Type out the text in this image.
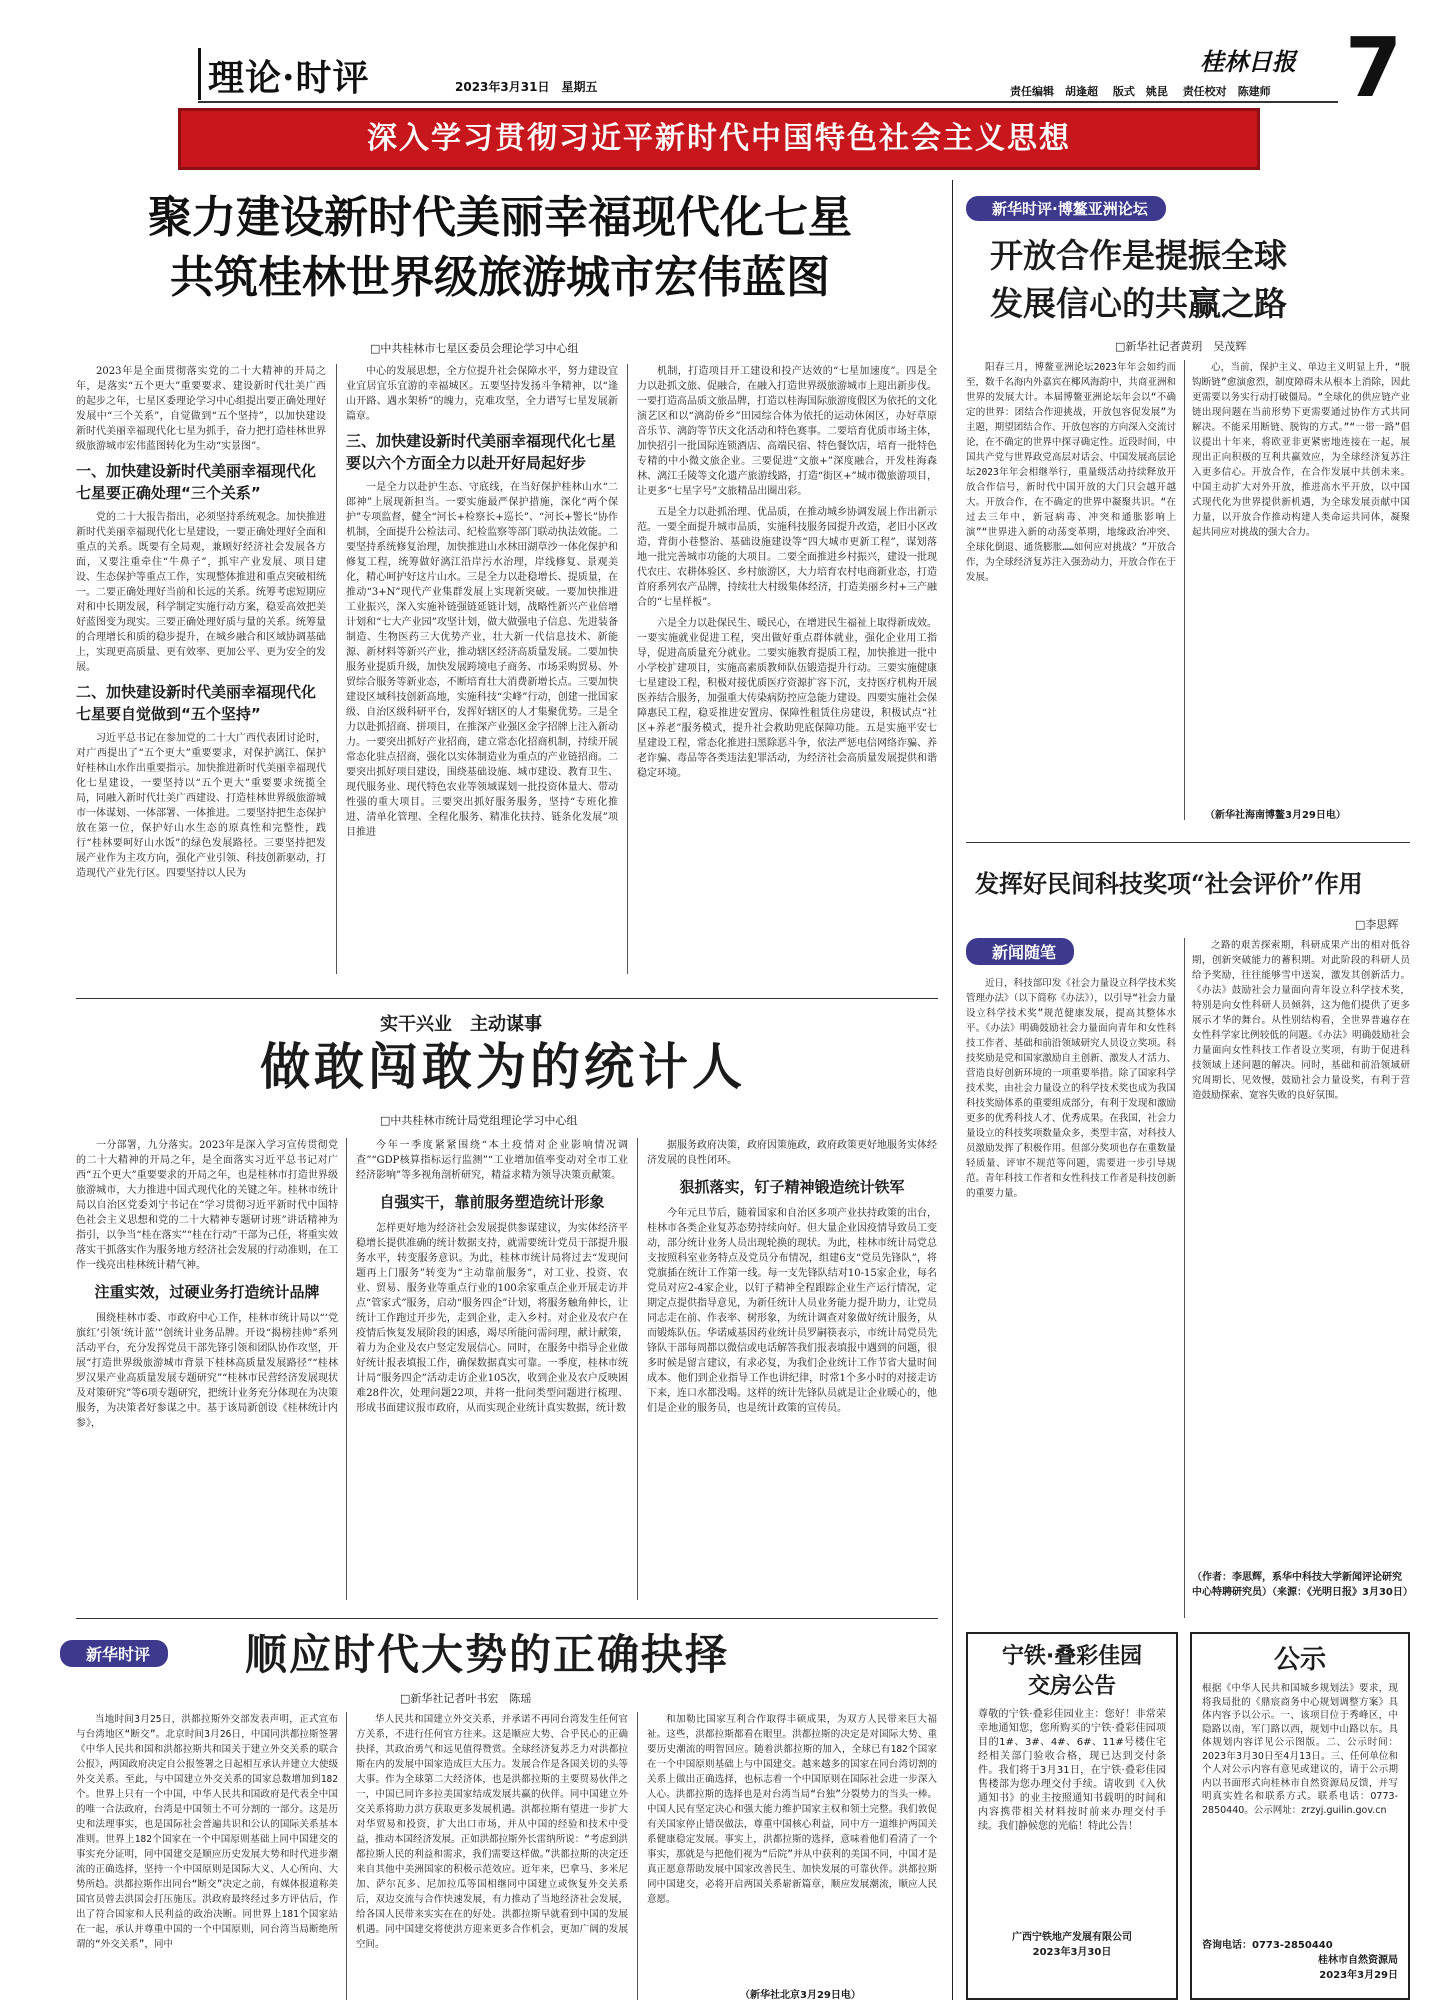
理论·时评	2023年3月31日　星期五
桂林日报 7
责任编辑　 胡逢超　 版式　 姚昆　 责任校对　 陈建师
深入学习贯彻习近平新时代中国特色社会主义思想
聚力建设新时代美丽幸福现代化七星
共筑桂林世界级旅游城市宏伟蓝图
□中共桂林市七星区委员会理论学习中心组

2023年是全面贯彻落实党的二十大精神的开局之年，是落实“五个更大”重要要求、建设新时代壮美广西的起步之年，七星区委理论学习中心组提出要正确处理好发展中“三个关系”，自觉做到“五个坚持”，以加快建设新时代美丽幸福现代化七星为抓手，奋力把打造桂林世界级旅游城市宏伟蓝图转化为生动“实景图”。

一、加快建设新时代美丽幸福现代化七星要正确处理“三个关系”

党的二十大报告指出，必须坚持系统观念。加快推进新时代美丽幸福现代化七星建设，一要正确处理好全面和重点的关系。既要有全局观，兼顾好经济社会发展各方面，又要注重牵住“牛鼻子”，抓牢产业发展、项目建设、生态保护等重点工作，实现整体推进和重点突破相统一。二要正确处理好当前和长远的关系。统筹考虑短期应对和中长期发展，科学制定实施行动方案，稳妥高效把美好蓝图变为现实。三要正确处理好质与量的关系。统筹量的合理增长和质的稳步提升，在城乡融合和区域协调基础上，实现更高质量、更有效率、更加公平、更为安全的发展。

二、加快建设新时代美丽幸福现代化七星要自觉做到“五个坚持”

习近平总书记在参加党的二十大广西代表团讨论时，对广西提出了“五个更大”重要要求，对保护漓江、保护好桂林山水作出重要指示。加快推进新时代美丽幸福现代化七星建设，一要坚持以“五个更大”重要要求统揽全局，同融入新时代壮美广西建设、打造桂林世界级旅游城市一体谋划、一体部署、一体推进。二要坚持把生态保护放在第一位，保护好山水生态的原真性和完整性，践行“桂林要呵好山水饭”的绿色发展路径。三要坚持把发展产业作为主攻方向，强化产业引领、科技创新驱动，打造现代产业先行区。四要坚持以人民为

中心的发展思想，全方位提升社会保障水平，努力建设宜业宜居宜乐宜游的幸福城区。五要坚持发扬斗争精神，以“逢山开路、遇水架桥”的魄力，克难攻坚，全力谱写七星发展新篇章。

三、加快建设新时代美丽幸福现代化七星要以六个方面全力以赴开好局起好步

一是全力以赴护生态、守底线，在当好保护桂林山水“二郎神”上展现新担当。一要实施最严保护措施，深化“两个保护”专项监督，健全“河长+检察长+巡长”、“河长+警长”协作机制，全面提升公检法司、纪检监察等部门联动执法效能。二要坚持系统修复治理，加快推进山水林田湖草沙一体化保护和修复工程，统筹做好漓江沿岸污水治理，岸线修复、景观美化，精心呵护好这片山水。三是全力以赴稳增长、提质量，在推动“3+N”现代产业集群发展上实现新突破。一要加快推进工业振兴，深入实施补链强链延链计划，战略性新兴产业倍增计划和“七大产业园”攻坚计划，做大做强电子信息、先进装备制造、生物医药三大优势产业，壮大新一代信息技术、新能源、新材料等新兴产业，推动辖区经济高质量发展。二要加快服务业提质升级，加快发展跨境电子商务、市场采购贸易、外贸综合服务等新业态，不断培育壮大消费新增长点。三要加快建设区域科技创新高地，实施科技“尖峰”行动，创建一批国家级、自治区级科研平台，发挥好辖区的人才集聚优势。三是全力以赴抓招商、拼项目，在推深产业强区金字招牌上注入新动力。一要突出抓好产业招商，建立常态化招商机制，持续开展常态化驻点招商，强化以实体制造业为重点的产业链招商。二要突出抓好项目建设，围绕基础设施、城市建设、教育卫生、现代服务业、现代特色农业等领域谋划一批投资体量大、带动性强的重大项目。三要突出抓好服务服务，坚持“专班化推进、清单化管理、全程化服务、精准化扶持、链条化发展”项目推进

机制，打造项目开工建设和投产达效的“七星加速度”。四是全力以赴抓文旅、促融合，在融入打造世界级旅游城市上迎出新步伐。一要打造高品质文旅品牌，打造以桂海国际旅游度假区为依托的文化演艺区和以“漓韵侨乡”田园综合体为依托的运动休闲区，办好草原音乐节、漓韵等节庆文化活动和特色赛事。二要培育优质市场主体，加快招引一批国际连锁酒店、高端民宿、特色餐饮店，培育一批特色专精的中小微文旅企业。三要促进“文旅+”深度融合，开发桂海森林、漓江壬陵等文化遗产旅游线路，打造“街区+”城市微旅游项目，让更多“七星字号”文旅精品出圈出彩。

五是全力以赴抓治理、优品质，在推动城乡协调发展上作出新示范。一要全面提升城市品质，实施科技服务园提升改造，老旧小区改造，背街小巷整治、基础设施建设等“四大城市更新工程”，谋划落地一批完善城市功能的大项目。二要全面推进乡村振兴，建设一批现代农庄、农耕体验区、乡村旅游区，大力培育农村电商新业态，打造首府系列农产品牌，持续壮大村级集体经济，打造美丽乡村+三产融合的“七星样板”。

六是全力以赴保民生、暖民心，在增进民生福祉上取得新成效。一要实施就业促进工程，突出做好重点群体就业，强化企业用工指导，促进高质量充分就业。二要实施教育提质工程，加快推进一批中小学校扩建项目，实施高素质教师队伍锻造提升行动。三要实施健康七星建设工程，积极对接优质医疗资源扩容下沉，支持医疗机构开展医养结合服务，加强重大传染病防控应急能力建设。四要实施社会保障惠民工程，稳妥推进安置房、保障性租赁住房建设，积极试点“社区+养老”服务模式，提升社会救助兜底保障功能。五是实施平安七星建设工程，常态化推进扫黑除恶斗争，依法严惩电信网络诈骗、养老诈骗、毒品等各类违法犯罪活动，为经济社会高质量发展提供和谐稳定环境。

实干兴业　主动谋事
做敢闯敢为的统计人
□中共桂林市统计局党组理论学习中心组

一分部署，九分落实。2023年是深入学习宣传贯彻党的二十大精神的开局之年，是全面落实习近平总书记对广西“五个更大”重要要求的开局之年，也是桂林市打造世界级旅游城市，大力推进中国式现代化的关键之年。桂林市统计局以自治区党委刘宁书记在“学习贯彻习近平新时代中国特色社会主义思想和党的二十大精神专题研讨班”讲话精神为指引，以争当“桂在落实”“桂在行动”干部为己任，将重实效落实干抓落实作为服务地方经济社会发展的行动准则，在工作一线亮出桂林统计精气神。

注重实效，过硬业务打造统计品牌

围绕桂林市委、市政府中心工作，桂林市统计局以“‘党旗红’引领‘统计蓝’”创统计业务品牌。开设“揭榜挂帅”系列活动平台，充分发挥党员干部先锋引领和团队协作攻坚，开展“打造世界级旅游城市背景下桂林高质量发展路径”“桂林罗汉果产业高质量发展专题研究”“桂林市民营经济发展现状及对策研究”等6项专题研究，把统计业务充分体现在为决策服务，为决策者好参谋之中。基于该局新创设《桂林统计内参》，

今年一季度紧紧围绕“本土疫情对企业影响情况调查”“GDP核算指标运行监测”“工业增加值率变动对全市工业经济影响”等多视角剖析研究，精益求精为领导决策贡献策。

自强实干，靠前服务塑造统计形象

怎样更好地为经济社会发展提供参谋建议，为实体经济平稳增长提供准确的统计数据支持，就需要统计党员干部提升服务水平，转变服务意识。为此，桂林市统计局将过去“发现问题再上门服务”转变为“主动靠前服务”，对工业、投资、农业、贸易、服务业等重点行业的100余家重点企业开展走访并点“管家式”服务，启动“服务四企”计划，将服务触角伸长，让统计工作跑过开步先，走到企业，走入乡村。对企业及农户在疫情后恢复发展阶段的困惑，竭尽所能问需问理，献计献策，着力为企业及农户竖定发展信心。同时，在服务中指导企业做好统计报表填报工作，确保数据真实可靠。一季度，桂林市统计局“服务四企”活动走访企业105次，收到企业及农户反映困难28件次，处理问题22项，并将一批问类型问题进行梳理、形成书面建议报市政府，从而实现企业统计真实数据，统计数

据服务政府决策，政府因策施政，政府政策更好地服务实体经济发展的良性闭环。

狠抓落实，钉子精神锻造统计铁军

今年元旦节后，随着国家和自治区多项产业扶持政策的出台，桂林市各类企业复苏态势持续向好。但大量企业因疫情导致员工变动，部分统计业务人员出现轮换的现状。为此，桂林市统计局党总支按照科室业务特点及党员分布情况，组建6支“党员先锋队”，将党旗插在统计工作第一线。每一支先锋队结对10-15家企业，每名党员对应2-4家企业，以钉子精神全程跟踪企业生产运行情况，定期定点提供指导意见，为新任统计人员业务能力提升助力，让党员同志走在前、作表率、树形象，为统计调查对象做好统计服务，从而锻炼队伍。华诺威基因药业统计员罗嗣筷表示，市统计局党员先锋队干部每周都以微信或电话解答我们报表填报中遇到的问题，很多时候是留言建议，有求必复，为我们企业统计工作节省大量时间成本。他们到企业指导工作也讲纪律，时常1个多小时的对接走访下来，连口水都没喝。这样的统计先锋队员就是让企业暖心的，他们是企业的服务员，也是统计政策的宣传员。

新华时评	顺应时代大势的正确抉择
□新华社记者叶书宏　陈瑶

当地时间3月25日，洪都拉斯外交部发表声明，正式宣布与台湾地区“断交”。北京时间3月26日，中国同洪都拉斯签署《中华人民共和国和洪都拉斯共和国关于建立外交关系的联合公报》，两国政府决定自公报签署之日起相互承认并建立大使级外交关系。至此，与中国建立外交关系的国家总数增加到182个。世界上只有一个中国，中华人民共和国政府是代表全中国的唯一合法政府，台湾是中国领土不可分割的一部分。这是历史和法理事实，也是国际社会普遍共识和公认的国际关系基本准则。世界上182个国家在一个中国原则基础上同中国建交的事实充分证明，同中国建交是顺应历史发展大势和时代进步潮流的正确选择，坚持一个中国原则是国际大义、人心所向、大势所趋。洪都拉斯作出同台“断交”决定之前，有媒体报道称美国官员曾去洪国会打压施压。洪政府最终经过多方评估后，作出了符合国家和人民利益的政治决断。同世界上181个国家站在一起，承认并尊重中国的一个中国原则，同台湾当局断绝所谓的“外交关系”，同中

华人民共和国建立外交关系，并承诺不再同台湾发生任何官方关系，不进行任何官方往来。这是顺应大势、合乎民心的正确抉择，其政治勇气和远见值得赞赏。全球经济复苏乏力对洪都拉斯在内的发展中国家造成巨大压力。发展合作是各国关切的头等大事。作为全球第二大经济体，也是洪都拉斯的主要贸易伙伴之一，中国已同许多拉美国家结成发展共赢的伙伴。同中国建立外交关系将助力洪方获取更多发展机遇。洪都拉斯有望进一步扩大对华贸易和投资，扩大出口市场，并从中国的经验和技术中受益，推动本国经济发展。正如洪都拉斯外长雷纳所说：“考虑到洪都拉斯人民的利益和需求，我们需要这样做。”洪都拉斯的决定还来自其他中美洲国家的积极示范效应。近年来，巴拿马、多米尼加、萨尔瓦多、尼加拉瓜等国相继同中国建立或恢复外交关系后，双边交流与合作快速发展，有力推动了当地经济社会发展，给各国人民带来实实在在的好处。洪都拉斯早就看到中国的发展机遇。同中国建交将使洪方迎来更多合作机会，更加广阔的发展空间。

和加勒比国家互利合作取得丰硕成果，为双方人民带来巨大福祉。这些，洪都拉斯都看在眼里。洪都拉斯的决定是对国际大势、重要历史潮流的明智回应。随着洪都拉斯的加入，全球已有182个国家在一个中国原则基础上与中国建交。越来越多的国家在同台湾切割的关系上做出正确选择，也标志着一个中国原则在国际社会进一步深入人心。洪都拉斯的选择也是对台湾当局“台独”分裂势力的当头一棒。中国人民有坚定决心和强大能力维护国家主权和领土完整。我们敦促有关国家停止错误做法，尊重中国核心利益，同中方一道维护两国关系健康稳定发展。事实上，洪都拉斯的选择，意味着他们看清了一个事实，那就是与把他们视为“后院”并从中获利的美国不同，中国才是真正愿意帮助发展中国家改善民生、加快发展的可靠伙伴。洪都拉斯同中国建交，必将开启两国关系崭新篇章，顺应发展潮流，顺应人民意愿。

（新华社北京3月29日电）
新华时评·博鳌亚洲论坛
开放合作是提振全球
发展信心的共赢之路
□新华社记者黄玥　吴茂辉

阳春三月，博鳌亚洲论坛2023年年会如约而至，数千名海内外嘉宾在椰风海韵中，共商亚洲和世界的发展大计。本届博鳌亚洲论坛年会以“不确定的世界：团结合作迎挑战，开放包容促发展”为主题，期望团结合作、开放包容的方向深入交流讨论，在不确定的世界中探寻确定性。近段时间，中国共产党与世界政党高层对话会、中国发展高层论坛2023年年会相继举行，重量级活动持续释放开放合作信号，新时代中国开放的大门只会越开越大。开放合作，在不确定的世界中凝聚共识。“在过去三年中，新冠病毒、冲突和通胀影响上演”“世界进入新的动荡变革期，地缘政治冲突、全球化倒退、通货膨胀……如何应对挑战？”开放合作，为全球经济复苏注入强劲动力，开放合作在于发展。

心，当前，保护主义、单边主义明显上升，“脱钩断链”愈演愈烈，制度障碍未从根本上消除，因此更需要以务实行动打破僵局。“全球化的供应链产业链出现问题在当前形势下更需要通过协作方式共同解决。不能采用断链、脱钩的方式。”“一带一路”倡议提出十年来，将欧亚非更紧密地连接在一起，展现出正向积极的互利共赢效应，为全球经济复苏注入更多信心。开放合作，在合作发展中共创未来。中国主动扩大对外开放，推进高水平开放，以中国式现代化为世界提供新机遇，为全球发展贡献中国力量，以开放合作推动构建人类命运共同体，凝聚起共同应对挑战的强大合力。

（新华社海南博鳌3月29日电）
发挥好民间科技奖项“社会评价”作用
□李思辉
新闻随笔

近日，科技部印发《社会力量设立科学技术奖管理办法》（以下简称《办法》），以引导“社会力量设立科学技术奖”规范健康发展，提高其整体水平。《办法》明确鼓励社会力量面向青年和女性科技工作者、基础和前沿领域研究人员设立奖项。科技奖励是党和国家激励自主创新、激发人才活力、营造良好创新环境的一项重要举措。除了国家科学技术奖，由社会力量设立的科学技术奖也成为我国科技奖励体系的重要组成部分，有利于发现和激励更多的优秀科技人才、优秀成果。在我国，社会力量设立的科技奖项数量众多，类型丰富，对科技人员激励发挥了积极作用。但部分奖项也存在重数量轻质量、评审不规范等问题，需要进一步引导规范。青年科技工作者和女性科技工作者是科技创新的重要力量。

之路的艰苦探索期，科研成果产出的相对低谷期，创新突破能力的蓄积期。对此阶段的科研人员给予奖励，往往能够雪中送炭，激发其创新活力。《办法》鼓励社会力量面向青年设立科学技术奖，特别是向女性科研人员倾斜，这为他们提供了更多展示才华的舞台。从性别结构看，全世界普遍存在女性科学家比例较低的问题。《办法》明确鼓励社会力量面向女性科技工作者设立奖项，有助于促进科技领域上述问题的解决。同时，基础和前沿领域研究周期长、见效慢，鼓励社会力量设奖，有利于营造鼓励探索、宽容失败的良好氛围。

（作者：李思辉，系华中科技大学新闻评论研究中心特聘研究员）（来源：《光明日报》3月30日）
宁铁·叠彩佳园
交房公告

尊敬的宁铁·叠彩佳园业主：您好！非常荣幸地通知您，您所购买的宁铁·叠彩佳园项目的1#、3#、4#、6#、11#号楼住宅经相关部门验收合格，现已达到交付条件。我们将于3月31日，在宁铁·叠彩佳园售楼部为您办理交付手续。请收到《入伙通知书》的业主按照通知书载明的时间和内容携带相关材料按时前来办理交付手续。我们静候您的光临！特此公告！

广西宁铁地产发展有限公司
2023年3月30日
公示

根据《中华人民共和国城乡规划法》要求，现将我局批的《鼎宸商务中心规划调整方案》具体内容予以公示。一、该项目位于秀峰区，中隐路以南，军门路以西，规划中山路以东。具体规划内容详见公示图版。二、公示时间：2023年3月30日至4月13日。三、任何单位和个人对公示内容有意见或建议的，请于公示期内以书面形式向桂林市自然资源局反馈，并写明真实姓名和联系方式。联系电话：0773-2850440。公示网址：zrzyj.guilin.gov.cn

咨询电话：0773-2850440
桂林市自然资源局
2023年3月29日
